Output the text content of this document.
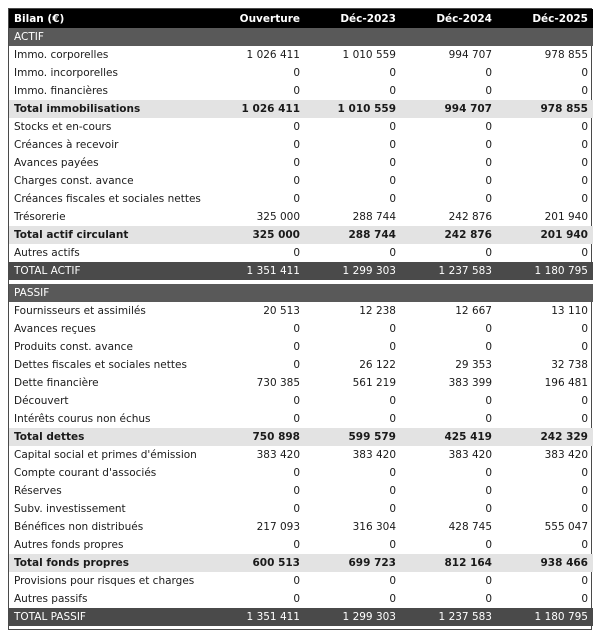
Bilan (€)	Ouverture	Déc-2023	Déc-2024	Déc-2025
ACTIF				
Immo. corporelles	1 026 411	1 010 559	994 707	978 855
Immo. incorporelles	0	0	0	0
Immo. financières	0	0	0	0
Total immobilisations	1 026 411	1 010 559	994 707	978 855
Stocks et en-cours	0	0	0	0
Créances à recevoir	0	0	0	0
Avances payées	0	0	0	0
Charges const. avance	0	0	0	0
Créances fiscales et sociales nettes	0	0	0	0
Trésorerie	325 000	288 744	242 876	201 940
Total actif circulant	325 000	288 744	242 876	201 940
Autres actifs	0	0	0	0
TOTAL ACTIF	1 351 411	1 299 303	1 237 583	1 180 795

PASSIF				
Fournisseurs et assimilés	20 513	12 238	12 667	13 110
Avances reçues	0	0	0	0
Produits const. avance	0	0	0	0
Dettes fiscales et sociales nettes	0	26 122	29 353	32 738
Dette financière	730 385	561 219	383 399	196 481
Découvert	0	0	0	0
Intérêts courus non échus	0	0	0	0
Total dettes	750 898	599 579	425 419	242 329
Capital social et primes d'émission	383 420	383 420	383 420	383 420
Compte courant d'associés	0	0	0	0
Réserves	0	0	0	0
Subv. investissement	0	0	0	0
Bénéfices non distribués	217 093	316 304	428 745	555 047
Autres fonds propres	0	0	0	0
Total fonds propres	600 513	699 723	812 164	938 466
Provisions pour risques et charges	0	0	0	0
Autres passifs	0	0	0	0
TOTAL PASSIF	1 351 411	1 299 303	1 237 583	1 180 795
